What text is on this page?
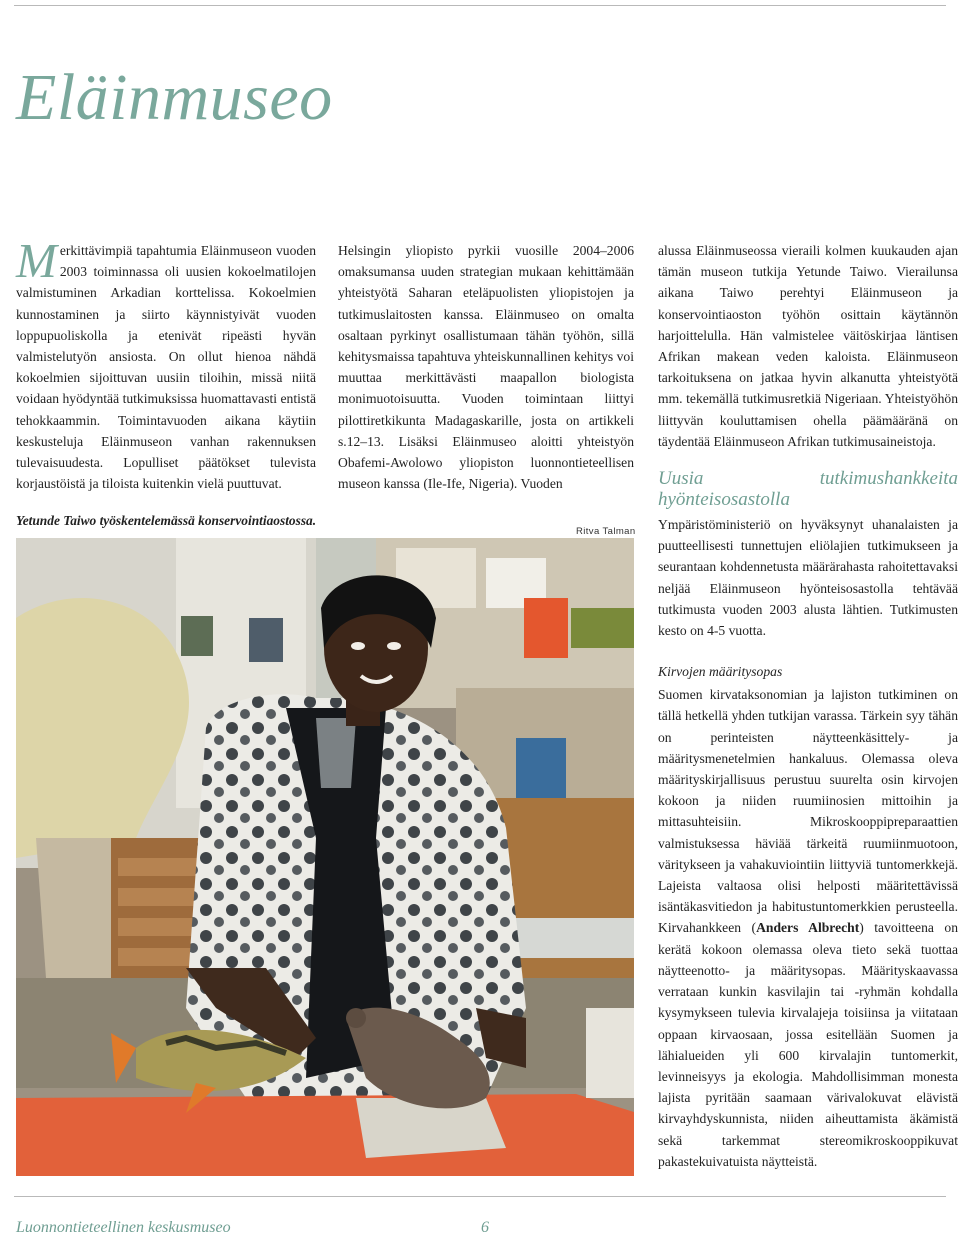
Eläinmuseo

Merkittävimpiä tapahtumia Eläinmuseon vuoden 2003 toiminnassa oli uusien kokoelmatilojen valmistuminen Arkadian korttelissa. Kokoelmien kunnostaminen ja siirto käynnistyivät vuoden loppupuoliskolla ja etenivät ripeästi hyvän valmistelutyön ansiosta. On ollut hienoa nähdä kokoelmien sijoittuvan uusiin tiloihin, missä niitä voidaan hyödyntää tutkimuksissa huomattavasti entistä tehokkaammin. Toimintavuoden aikana käytiin keskusteluja Eläinmuseon vanhan rakennuksen tulevaisuudesta. Lopulliset päätökset tulevista korjaustöistä ja tiloista kuitenkin vielä puuttuvat.

Helsingin yliopisto pyrkii vuosille 2004–2006 omaksumansa uuden strategian mukaan kehittämään yhteistyötä Saharan eteläpuolisten yliopistojen ja tutkimuslaitosten kanssa. Eläinmuseo on omalta osaltaan pyrkinyt osallistumaan tähän työhön, sillä kehitysmaissa tapahtuva yhteiskunnallinen kehitys voi muuttaa merkittävästi maapallon biologista monimuotoisuutta. Vuoden toimintaan liittyi pilottiretkikunta Madagaskarille, josta on artikkeli s.12–13. Lisäksi Eläinmuseo aloitti yhteistyön Obafemi-Awolowo yliopiston luonnontieteellisen museon kanssa (Ile-Ife, Nigeria). Vuoden

alussa Eläinmuseossa vieraili kolmen kuukauden ajan tämän museon tutkija Yetunde Taiwo. Vierailunsa aikana Taiwo perehtyi Eläinmuseon ja konservointiaoston työhön osittain käytännön harjoittelulla. Hän valmistelee väitöskirjaa läntisen Afrikan makean veden kaloista. Eläinmuseon tarkoituksena on jatkaa hyvin alkanutta yhteistyötä mm. tekemällä tutkimusretkiä Nigeriaan. Yhteistyöhön liittyvän kouluttamisen ohella päämääränä on täydentää Eläinmuseon Afrikan tutkimusaineistoja.

Uusia tutkimushankkeita hyönteisosastolla

Ympäristöministeriö on hyväksynyt uhanalaisten ja puutteellisesti tunnettujen eliölajien tutkimukseen ja seurantaan kohdennetusta määrärahasta rahoitettavaksi neljää Eläinmuseon hyönteisosastolla tehtävää tutkimusta vuoden 2003 alusta lähtien. Tutkimusten kesto on 4-5 vuotta.

Kirvojen määritysopas

Suomen kirvataksonomian ja lajiston tutkiminen on tällä hetkellä yhden tutkijan varassa. Tärkein syy tähän on perinteisten näytteenkäsittely- ja määritysmenetelmien hankaluus. Olemassa oleva määrityskirjallisuus perustuu suurelta osin kirvojen kokoon ja niiden ruumiinosien mittoihin ja mittasuhteisiin. Mikroskooppipreparaattien valmistuksessa häviää tärkeitä ruumiinmuotoon, väritykseen ja vahakuviointiin liittyviä tuntomerkkejä. Lajeista valtaosa olisi helposti määritettävissä isäntäkasvitiedon ja habitustuntomerkkien perusteella. Kirvahankkeen (Anders Albrecht) tavoitteena on kerätä kokoon olemassa oleva tieto sekä tuottaa näytteenotto- ja määritysopas. Määrityskaavassa verrataan kunkin kasvilajin tai -ryhmän kohdalla kysymykseen tulevia kirvalajeja toisiinsa ja viitataan oppaan kirvaosaan, jossa esitellään Suomen ja lähialueiden yli 600 kirvalajin tuntomerkit, levinneisyys ja ekologia. Mahdollisimman monesta lajista pyritään saamaan värivalokuvat elävistä kirvayhdyskunnista, niiden aiheuttamista äkämistä sekä tarkemmat stereomikroskooppikuvat pakastekuivatuista näytteistä.

Yetunde Taiwo työskentelemässä konservointiaostossa.
Ritva Talman
Luonnontieteellinen keskusmuseo	6
